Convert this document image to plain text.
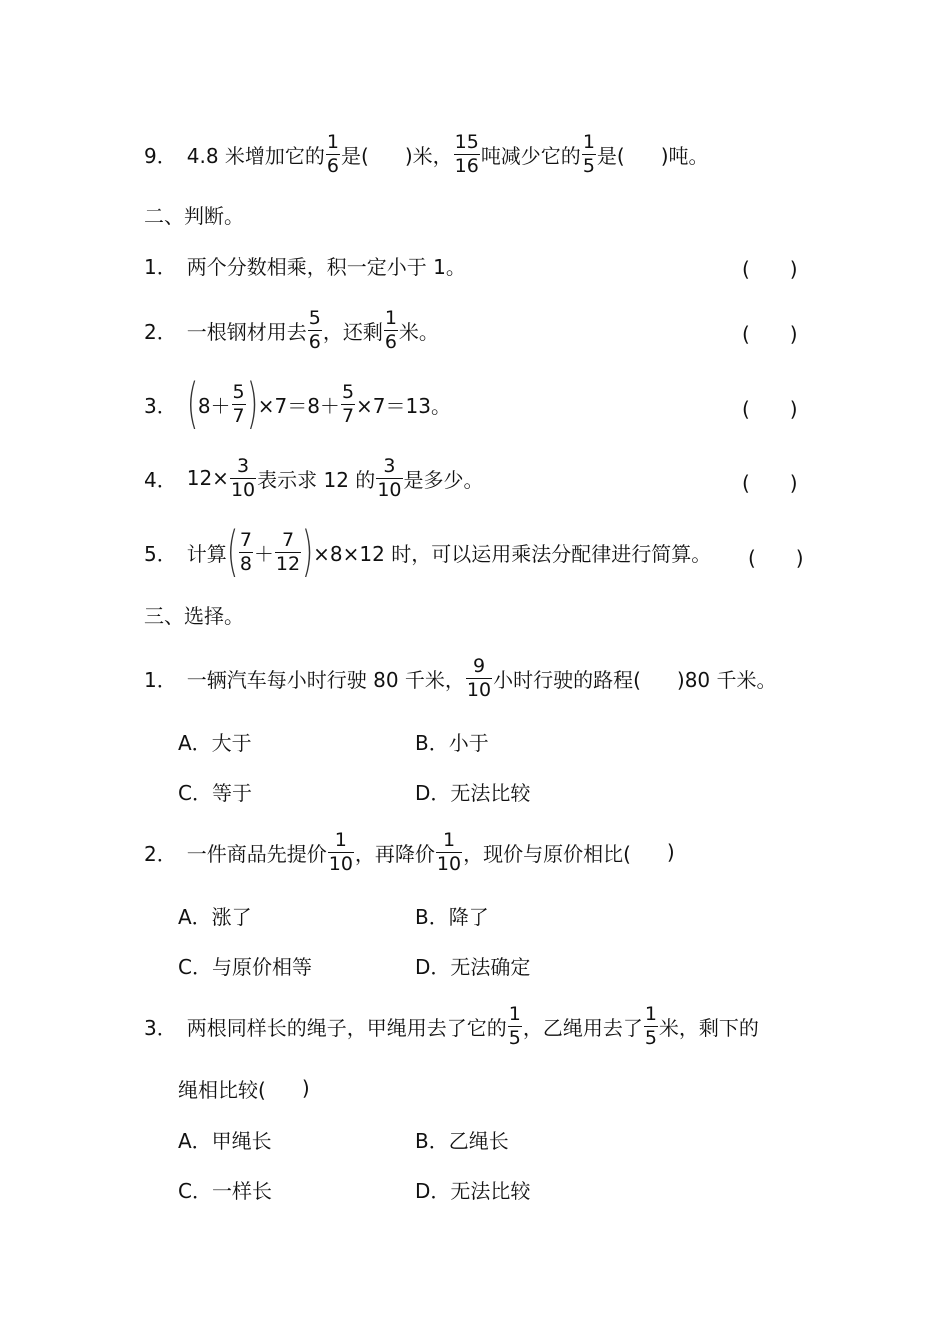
9． 4.8 米增加它的 $\frac{1}{6}$ 是( )米， $\frac{15}{16}$ 吨减少它的 $\frac{1}{5}$ 是( )吨。
二、判断。
1． 两个分数相乘，积一定小于 1。	(　　)
2． 一根钢材用去 $\frac{5}{6}$ ，还剩 $\frac{1}{6}$ 米。	(　　)
3． ( $8+ \frac{5}{7}$ ) $\times 7=8+ \frac{5}{7} \times 7=13$。	(　　)
4． $12\times \frac{3}{10}$ 表示求 12 的 $\frac{3}{10}$ 是多少。	(　　)
5． 计算 ( $\frac{7}{8} + \frac{7}{12}$ ) ×8×12 时，可以运用乘法分配律进行简算。 (　　)
三、选择。
1． 一辆汽车每小时行驶 80 千米， $\frac{9}{10}$ 小时行驶的路程( )80 千米。
A．大于	B．小于
C．等于	D．无法比较
2． 一件商品先提价 $\frac{1}{10}$ ，再降价 $\frac{1}{10}$ ，现价与原价相比( )
A．涨了	B．降了
C．与原价相等	D．无法确定
3． 两根同样长的绳子，甲绳用去了它的 $\frac{1}{5}$ ，乙绳用去了 $\frac{1}{5}$ 米，剩下的
绳相比较( )
A．甲绳长	B．乙绳长
C．一样长	D．无法比较
